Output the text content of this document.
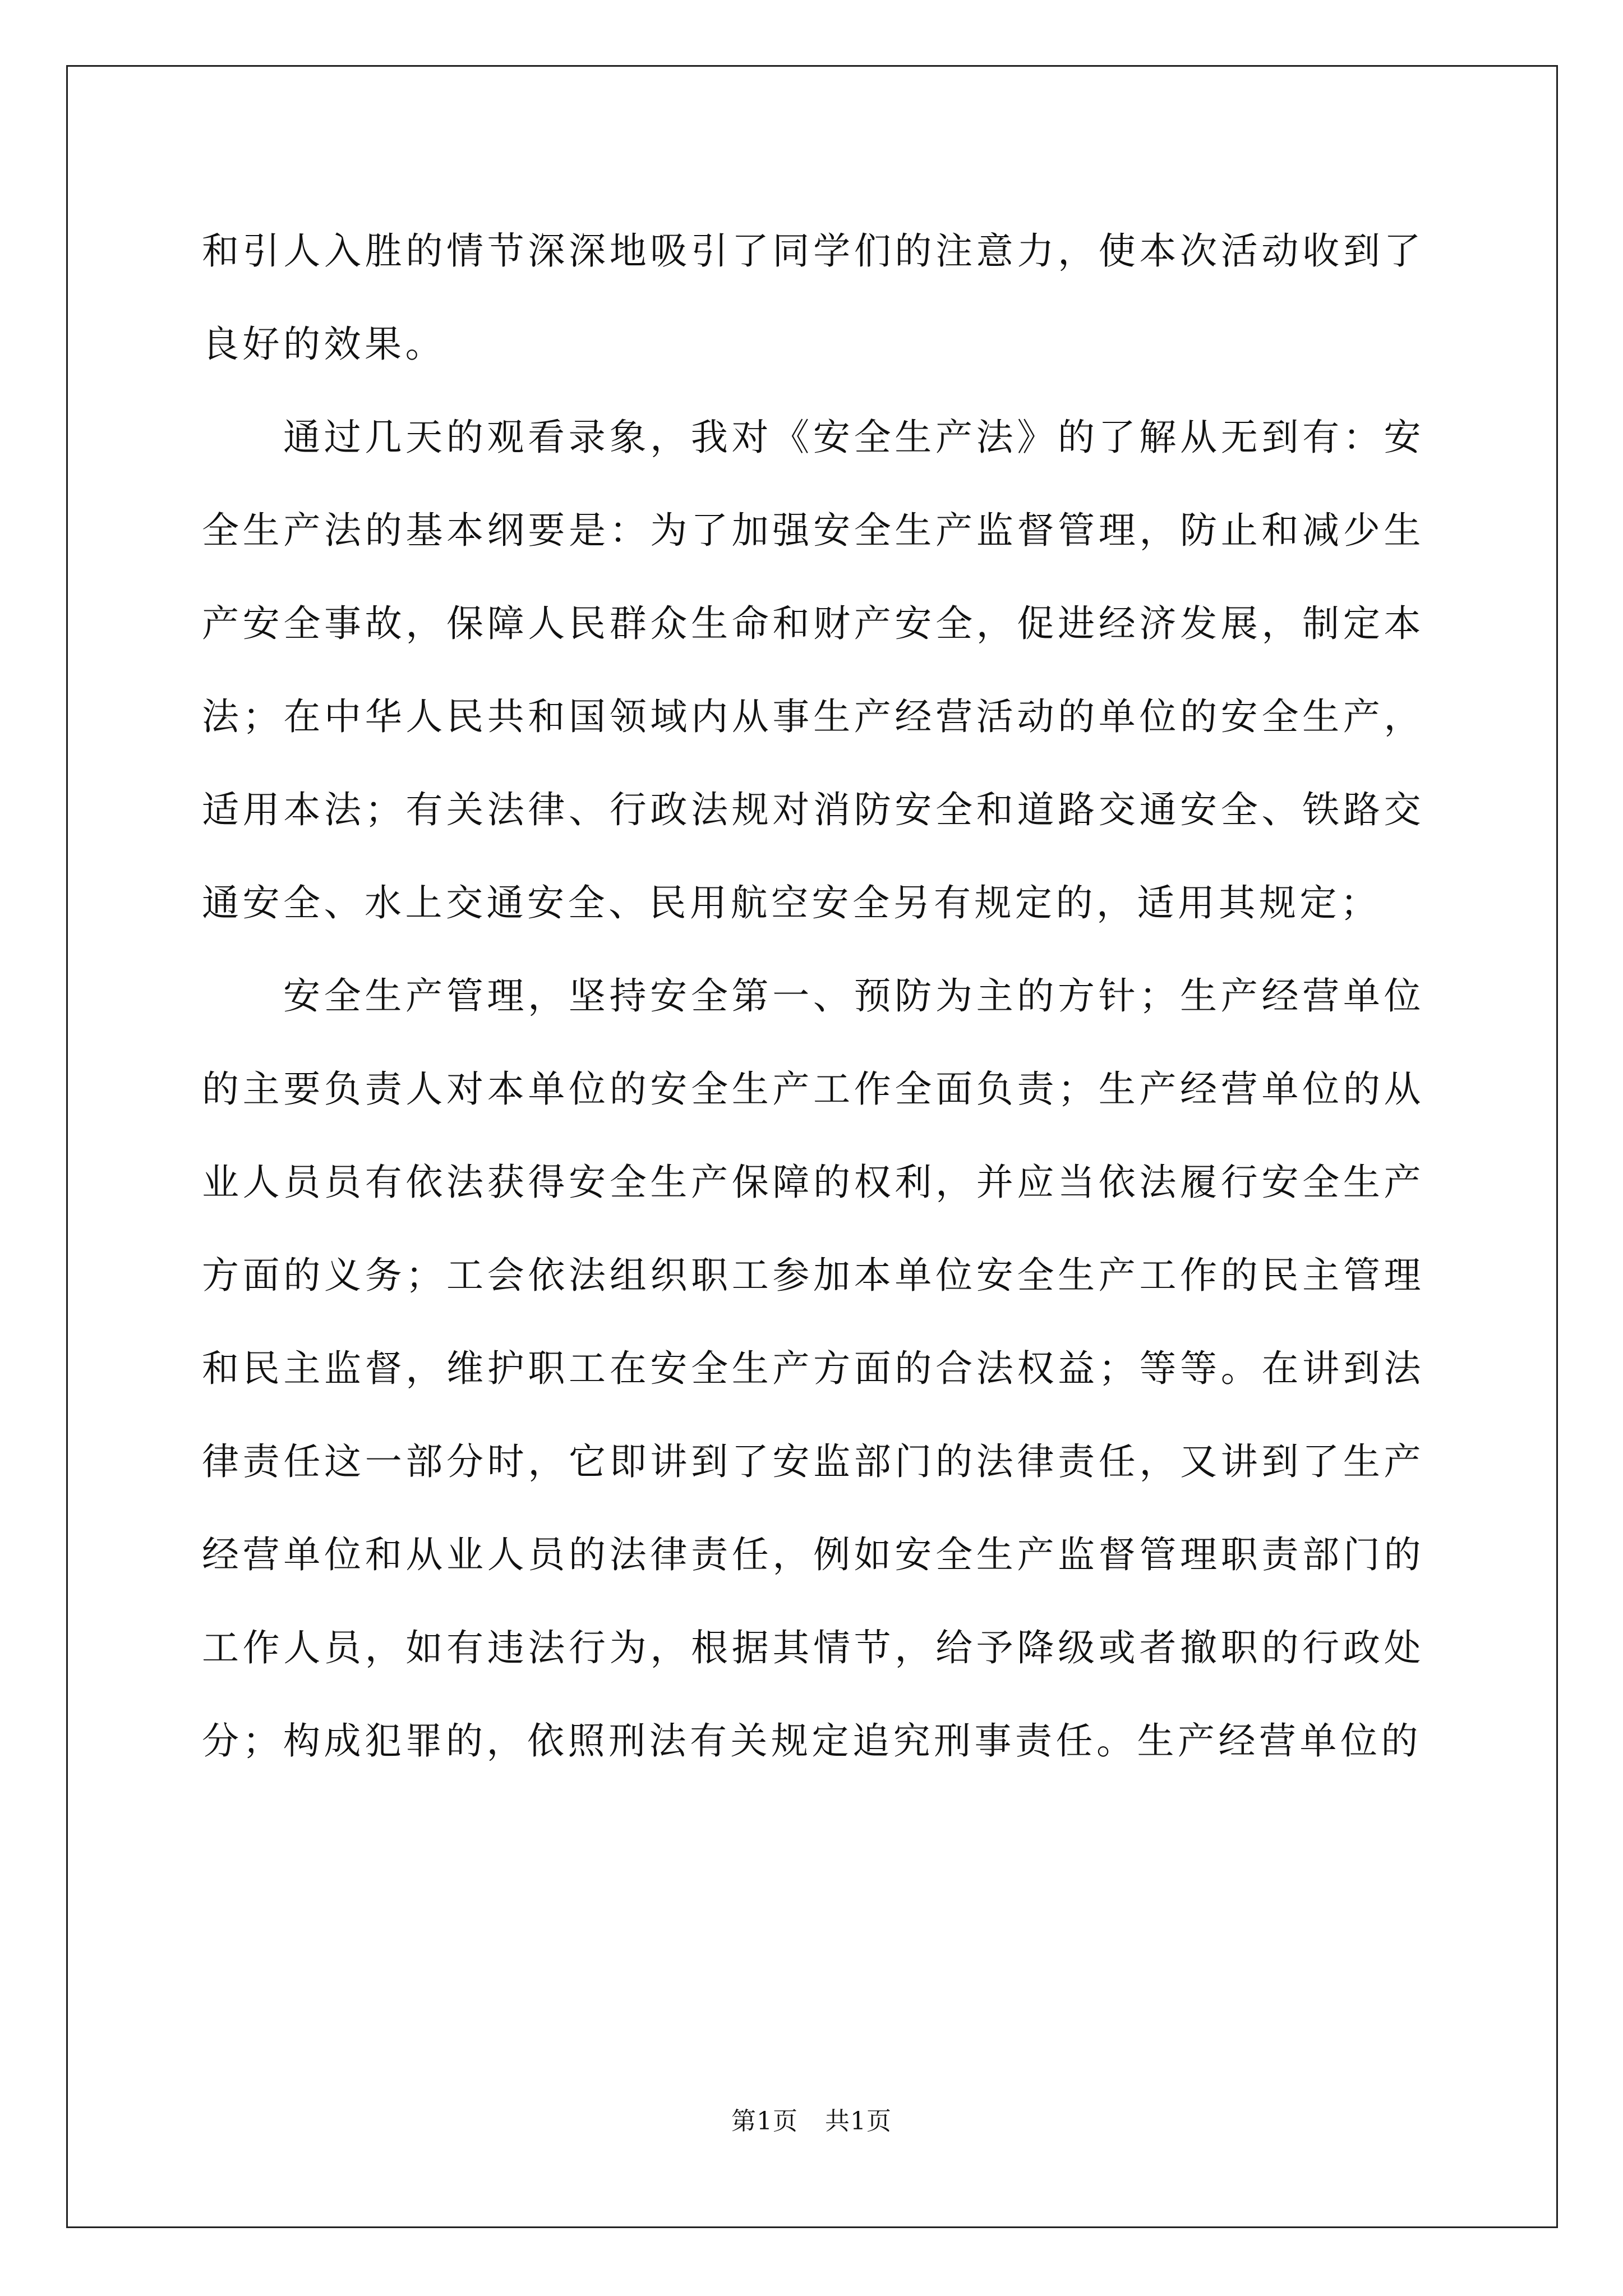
和引人入胜的情节深深地吸引了同学们的注意力，使本次活动收到了良好的效果。

通过几天的观看录象，我对《安全生产法》的了解从无到有：安全生产法的基本纲要是：为了加强安全生产监督管理，防止和减少生产安全事故，保障人民群众生命和财产安全，促进经济发展，制定本法；在中华人民共和国领域内从事生产经营活动的单位的安全生产，适用本法；有关法律、行政法规对消防安全和道路交通安全、铁路交通安全、水上交通安全、民用航空安全另有规定的，适用其规定；

安全生产管理，坚持安全第一、预防为主的方针；生产经营单位的主要负责人对本单位的安全生产工作全面负责；生产经营单位的从业人员员有依法获得安全生产保障的权利，并应当依法履行安全生产方面的义务；工会依法组织职工参加本单位安全生产工作的民主管理和民主监督，维护职工在安全生产方面的合法权益；等等。在讲到法律责任这一部分时，它即讲到了安监部门的法律责任，又讲到了生产经营单位和从业人员的法律责任，例如安全生产监督管理职责部门的工作人员，如有违法行为，根据其情节，给予降级或者撤职的行政处分；构成犯罪的，依照刑法有关规定追究刑事责任。生产经营单位的

第1页 共1页
